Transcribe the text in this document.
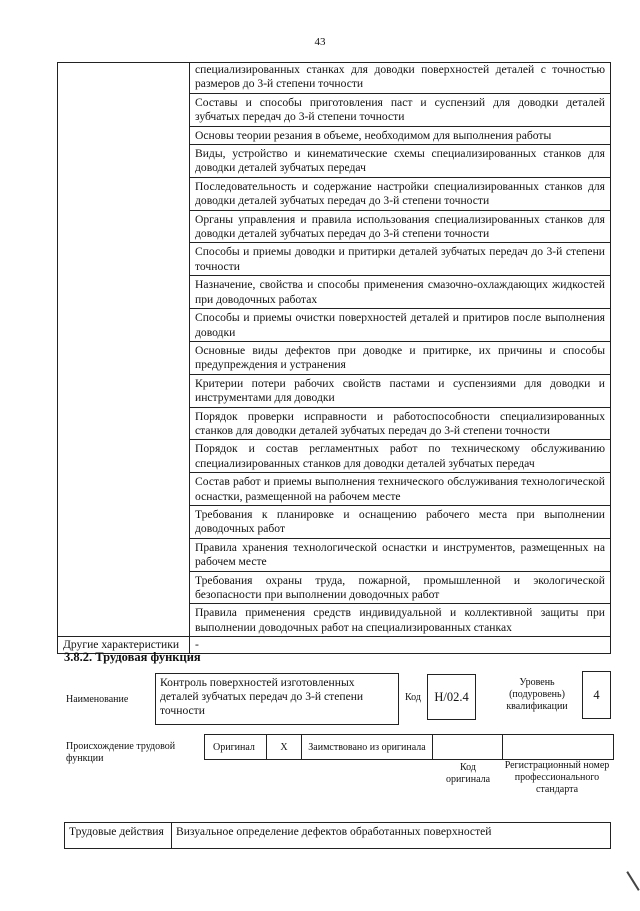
43
	специализированных станках для доводки поверхностей деталей с точностью размеров до 3-й степени точности
	Составы и способы приготовления паст и суспензий для доводки деталей зубчатых передач до 3-й степени точности
	Основы теории резания в объеме, необходимом для выполнения работы
	Виды, устройство и кинематические схемы специализированных станков для доводки деталей зубчатых передач
	Последовательность и содержание настройки специализированных станков для доводки деталей зубчатых передач до 3-й степени точности
	Органы управления и правила использования специализированных станков для доводки деталей зубчатых передач до 3-й степени точности
	Способы и приемы доводки и притирки деталей зубчатых передач до 3-й степени точности
	Назначение, свойства и способы применения смазочно-охлаждающих жидкостей при доводочных работах
	Способы и приемы очистки поверхностей деталей и притиров после выполнения доводки
	Основные виды дефектов при доводке и притирке, их причины и способы предупреждения и устранения
	Критерии потери рабочих свойств пастами и суспензиями для доводки и инструментами для доводки
	Порядок проверки исправности и работоспособности специализированных станков для доводки деталей зубчатых передач до 3-й степени точности
	Порядок и состав регламентных работ по техническому обслуживанию специализированных станков для доводки деталей зубчатых передач
	Состав работ и приемы выполнения технического обслуживания технологической оснастки, размещенной на рабочем месте
	Требования к планировке и оснащению рабочего места при выполнении доводочных работ
	Правила хранения технологической оснастки и инструментов, размещенных на рабочем месте
	Требования охраны труда, пожарной, промышленной и экологической безопасности при выполнении доводочных работ
	Правила применения средств индивидуальной и коллективной защиты при выполнении доводочных работ на специализированных станках
Другие характеристики	-
3.8.2. Трудовая функция
Наименование
Контроль поверхностей изготовленных деталей зубчатых передач до 3-й степени точности
Код	Н/02.4
Уровень (подуровень) квалификации
4
Происхождение трудовой функции
Оригинал	X	Заимствовано из оригинала		
Код оригинала
Регистрационный номер профессионального стандарта
Трудовые действия	Визуальное определение дефектов обработанных поверхностей
